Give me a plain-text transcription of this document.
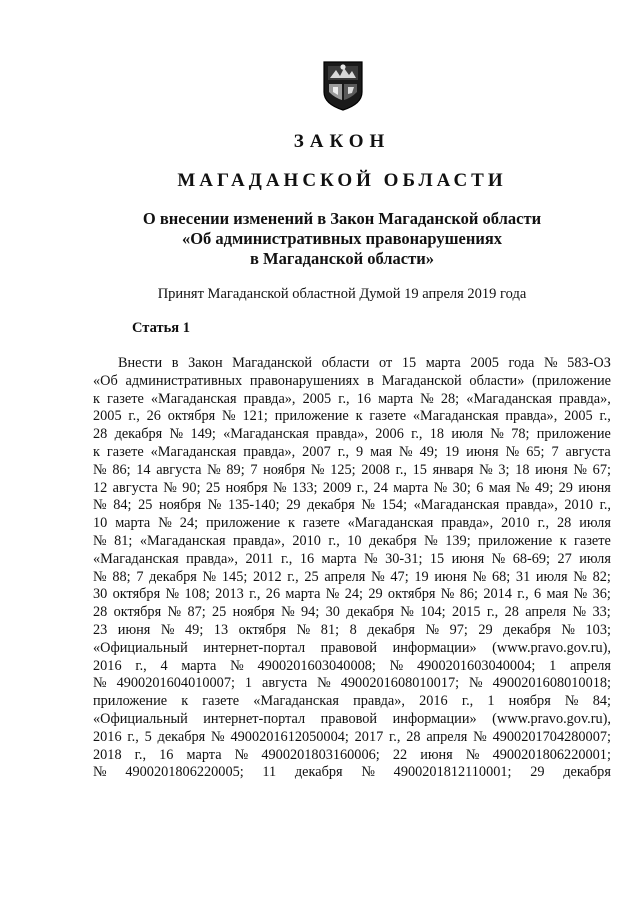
ЗАКОН
МАГАДАНСКОЙ ОБЛАСТИ
О внесении изменений в Закон Магаданской области
«Об административных правонарушениях
в Магаданской области»
Принят Магаданской областной Думой 19 апреля 2019 года
Статья 1
Внести в Закон Магаданской области от 15 марта 2005 года № 583-ОЗ
«Об административных правонарушениях в Магаданской области» (приложение
к газете «Магаданская правда», 2005 г., 16 марта № 28; «Магаданская правда»,
2005 г., 26 октября № 121; приложение к газете «Магаданская правда», 2005 г.,
28 декабря № 149; «Магаданская правда», 2006 г., 18 июля № 78; приложение
к газете «Магаданская правда», 2007 г., 9 мая № 49; 19 июня № 65; 7 августа
№ 86; 14 августа № 89; 7 ноября № 125; 2008 г., 15 января № 3; 18 июня № 67;
12 августа № 90; 25 ноября № 133; 2009 г., 24 марта № 30; 6 мая № 49; 29 июня
№ 84; 25 ноября № 135-140; 29 декабря № 154; «Магаданская правда», 2010 г.,
10 марта № 24; приложение к газете «Магаданская правда», 2010 г., 28 июля
№ 81; «Магаданская правда», 2010 г., 10 декабря № 139; приложение к газете
«Магаданская правда», 2011 г., 16 марта № 30-31; 15 июня № 68-69; 27 июля
№ 88; 7 декабря № 145; 2012 г., 25 апреля № 47; 19 июня № 68; 31 июля № 82;
30 октября № 108; 2013 г., 26 марта № 24; 29 октября № 86; 2014 г., 6 мая № 36;
28 октября № 87; 25 ноября № 94; 30 декабря № 104; 2015 г., 28 апреля № 33;
23 июня № 49; 13 октября № 81; 8 декабря № 97; 29 декабря № 103;
«Официальный интернет-портал правовой информации» (www.pravo.gov.ru),
2016 г., 4 марта № 4900201603040008; № 4900201603040004; 1 апреля
№ 4900201604010007; 1 августа № 4900201608010017; № 4900201608010018;
приложение к газете «Магаданская правда», 2016 г., 1 ноября № 84;
«Официальный интернет-портал правовой информации» (www.pravo.gov.ru),
2016 г., 5 декабря № 4900201612050004; 2017 г., 28 апреля № 4900201704280007;
2018 г., 16 марта № 4900201803160006; 22 июня № 4900201806220001;
№ 4900201806220005; 11 декабря № 4900201812110001; 29 декабря
